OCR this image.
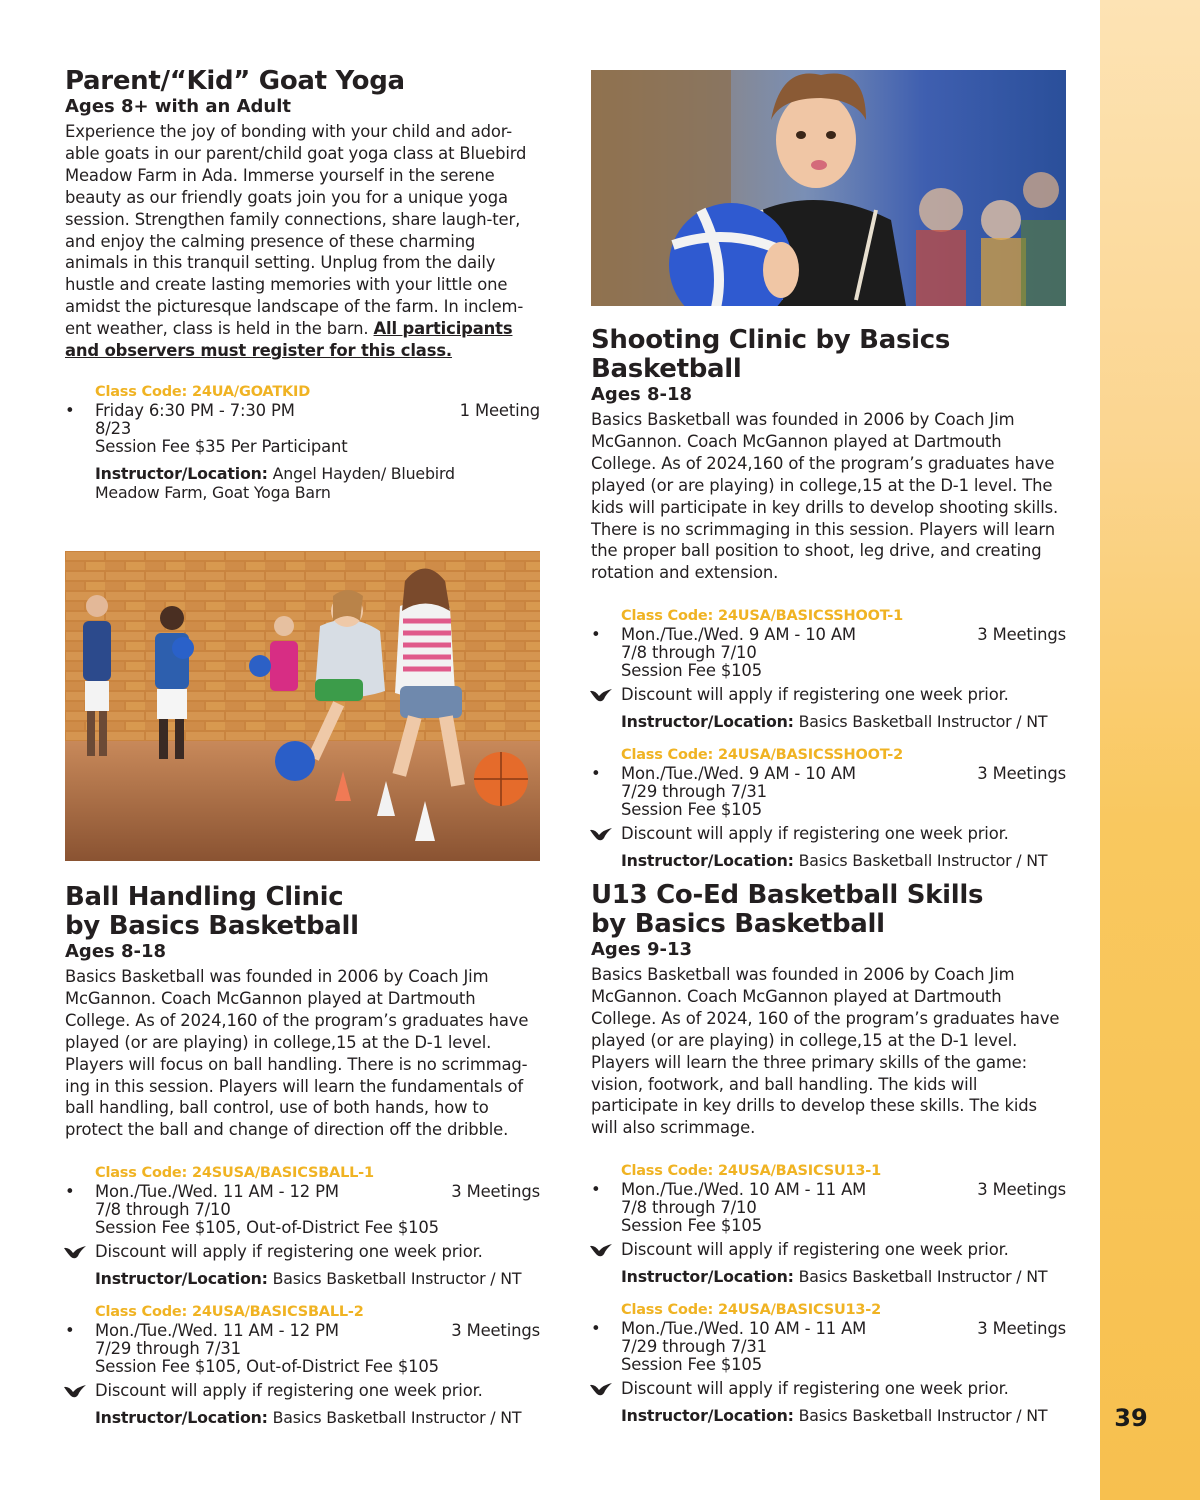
39
Parent/“Kid” Goat Yoga
Ages 8+ with an Adult

Experience the joy of bonding with your child and ador-able goats in our parent/child goat yoga class at Bluebird Meadow Farm in Ada. Immerse yourself in the serene beauty as our friendly goats join you for a unique yoga session. Strengthen family connections, share laugh-ter, and enjoy the calming presence of these charming animals in this tranquil setting. Unplug from the daily hustle and create lasting memories with your little one amidst the picturesque landscape of the farm. In inclem-ent weather, class is held in the barn. All participants and observers must register for this class.

Class Code: 24UA/GOATKID
• Friday 6:30 PM - 7:30 PM	1 Meeting
8/23
Session Fee $35 Per Participant
Instructor/Location: Angel Hayden/ Bluebird Meadow Farm, Goat Yoga Barn
Ball Handling Clinic
by Basics Basketball
Ages 8-18

Basics Basketball was founded in 2006 by Coach Jim McGannon. Coach McGannon played at Dartmouth College. As of 2024,160 of the program’s graduates have played (or are playing) in college,15 at the D-1 level. Players will focus on ball handling. There is no scrimmag-ing in this session. Players will learn the fundamentals of ball handling, ball control, use of both hands, how to protect the ball and change of direction off the dribble.

Class Code: 24SUSA/BASICSBALL-1
• Mon./Tue./Wed. 11 AM - 12 PM	3 Meetings
7/8 through 7/10
Session Fee $105, Out-of-District Fee $105
Discount will apply if registering one week prior.
Instructor/Location: Basics Basketball Instructor / NT
Class Code: 24USA/BASICSBALL-2
• Mon./Tue./Wed. 11 AM - 12 PM	3 Meetings
7/29 through 7/31
Session Fee $105, Out-of-District Fee $105
Discount will apply if registering one week prior.
Instructor/Location: Basics Basketball Instructor / NT
Shooting Clinic by Basics Basketball
Ages 8-18

Basics Basketball was founded in 2006 by Coach Jim McGannon. Coach McGannon played at Dartmouth College. As of 2024,160 of the program’s graduates have played (or are playing) in college,15 at the D-1 level. The kids will participate in key drills to develop shooting skills. There is no scrimmaging in this session. Players will learn the proper ball position to shoot, leg drive, and creating rotation and extension.

Class Code: 24USA/BASICSSHOOT-1
• Mon./Tue./Wed. 9 AM - 10 AM	3 Meetings
7/8 through 7/10
Session Fee $105
Discount will apply if registering one week prior.
Instructor/Location: Basics Basketball Instructor / NT
Class Code: 24USA/BASICSSHOOT-2
• Mon./Tue./Wed. 9 AM - 10 AM	3 Meetings
7/29 through 7/31
Session Fee $105
Discount will apply if registering one week prior.
Instructor/Location: Basics Basketball Instructor / NT
U13 Co-Ed Basketball Skills
by Basics Basketball
Ages 9-13

Basics Basketball was founded in 2006 by Coach Jim McGannon. Coach McGannon played at Dartmouth College. As of 2024, 160 of the program’s graduates have played (or are playing) in college,15 at the D-1 level. Players will learn the three primary skills of the game: vision, footwork, and ball handling. The kids will participate in key drills to develop these skills. The kids will also scrimmage.

Class Code: 24USA/BASICSU13-1
• Mon./Tue./Wed. 10 AM - 11 AM	3 Meetings
7/8 through 7/10
Session Fee $105
Discount will apply if registering one week prior.
Instructor/Location: Basics Basketball Instructor / NT
Class Code: 24USA/BASICSU13-2
• Mon./Tue./Wed. 10 AM - 11 AM	3 Meetings
7/29 through 7/31
Session Fee $105
Discount will apply if registering one week prior.
Instructor/Location: Basics Basketball Instructor / NT
